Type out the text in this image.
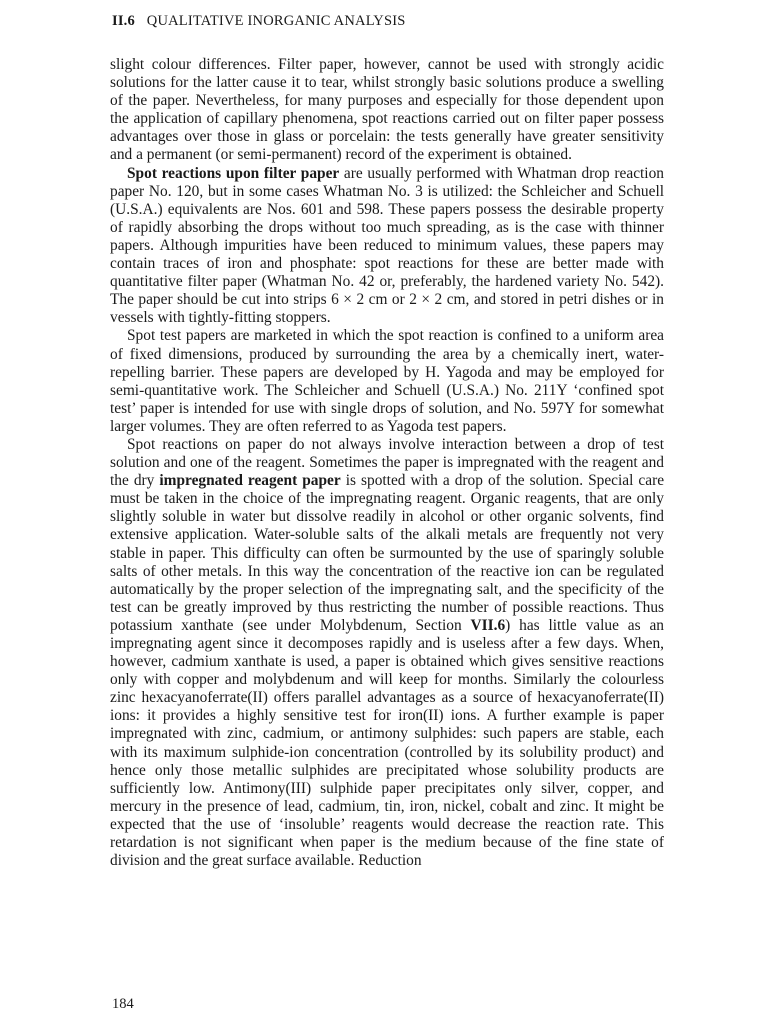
II.6 QUALITATIVE INORGANIC ANALYSIS

slight colour differences. Filter paper, however, cannot be used with strongly acidic solutions for the latter cause it to tear, whilst strongly basic solutions produce a swelling of the paper. Nevertheless, for many purposes and especially for those dependent upon the application of capillary phenomena, spot reactions carried out on filter paper possess advantages over those in glass or porcelain: the tests generally have greater sensitivity and a permanent (or semi-permanent) record of the experiment is obtained.

Spot reactions upon filter paper are usually performed with Whatman drop reaction paper No. 120, but in some cases Whatman No. 3 is utilized: the Schleicher and Schuell (U.S.A.) equivalents are Nos. 601 and 598. These papers possess the desirable property of rapidly absorbing the drops without too much spreading, as is the case with thinner papers. Although impurities have been reduced to minimum values, these papers may contain traces of iron and phosphate: spot reactions for these are better made with quantitative filter paper (Whatman No. 42 or, preferably, the hardened variety No. 542). The paper should be cut into strips 6 × 2 cm or 2 × 2 cm, and stored in petri dishes or in vessels with tightly-fitting stoppers.

Spot test papers are marketed in which the spot reaction is confined to a uniform area of fixed dimensions, produced by surrounding the area by a chemically inert, water-repelling barrier. These papers are developed by H. Yagoda and may be employed for semi-quantitative work. The Schleicher and Schuell (U.S.A.) No. 211Y ‘confined spot test’ paper is intended for use with single drops of solution, and No. 597Y for somewhat larger volumes. They are often referred to as Yagoda test papers.

Spot reactions on paper do not always involve interaction between a drop of test solution and one of the reagent. Sometimes the paper is impregnated with the reagent and the dry impregnated reagent paper is spotted with a drop of the solution. Special care must be taken in the choice of the impregnating reagent. Organic reagents, that are only slightly soluble in water but dissolve readily in alcohol or other organic solvents, find extensive application. Water-soluble salts of the alkali metals are frequently not very stable in paper. This difficulty can often be surmounted by the use of sparingly soluble salts of other metals. In this way the concentration of the reactive ion can be regulated automatically by the proper selection of the impregnating salt, and the specificity of the test can be greatly improved by thus restricting the number of possible reactions. Thus potassium xanthate (see under Molybdenum, Section VII.6) has little value as an impregnating agent since it decomposes rapidly and is useless after a few days. When, however, cadmium xanthate is used, a paper is obtained which gives sensitive reactions only with copper and molybdenum and will keep for months. Similarly the colourless zinc hexacyanoferrate(II) offers parallel advantages as a source of hexacyanoferrate(II) ions: it provides a highly sensitive test for iron(II) ions. A further example is paper impregnated with zinc, cadmium, or antimony sulphides: such papers are stable, each with its maximum sulphide-ion concentration (controlled by its solubility product) and hence only those metallic sulphides are precipitated whose solubility products are sufficiently low. Antimony(III) sulphide paper precipitates only silver, copper, and mercury in the presence of lead, cadmium, tin, iron, nickel, cobalt and zinc. It might be expected that the use of ‘insoluble’ reagents would decrease the reaction rate. This retardation is not significant when paper is the medium because of the fine state of division and the great surface available. Reduction

184
